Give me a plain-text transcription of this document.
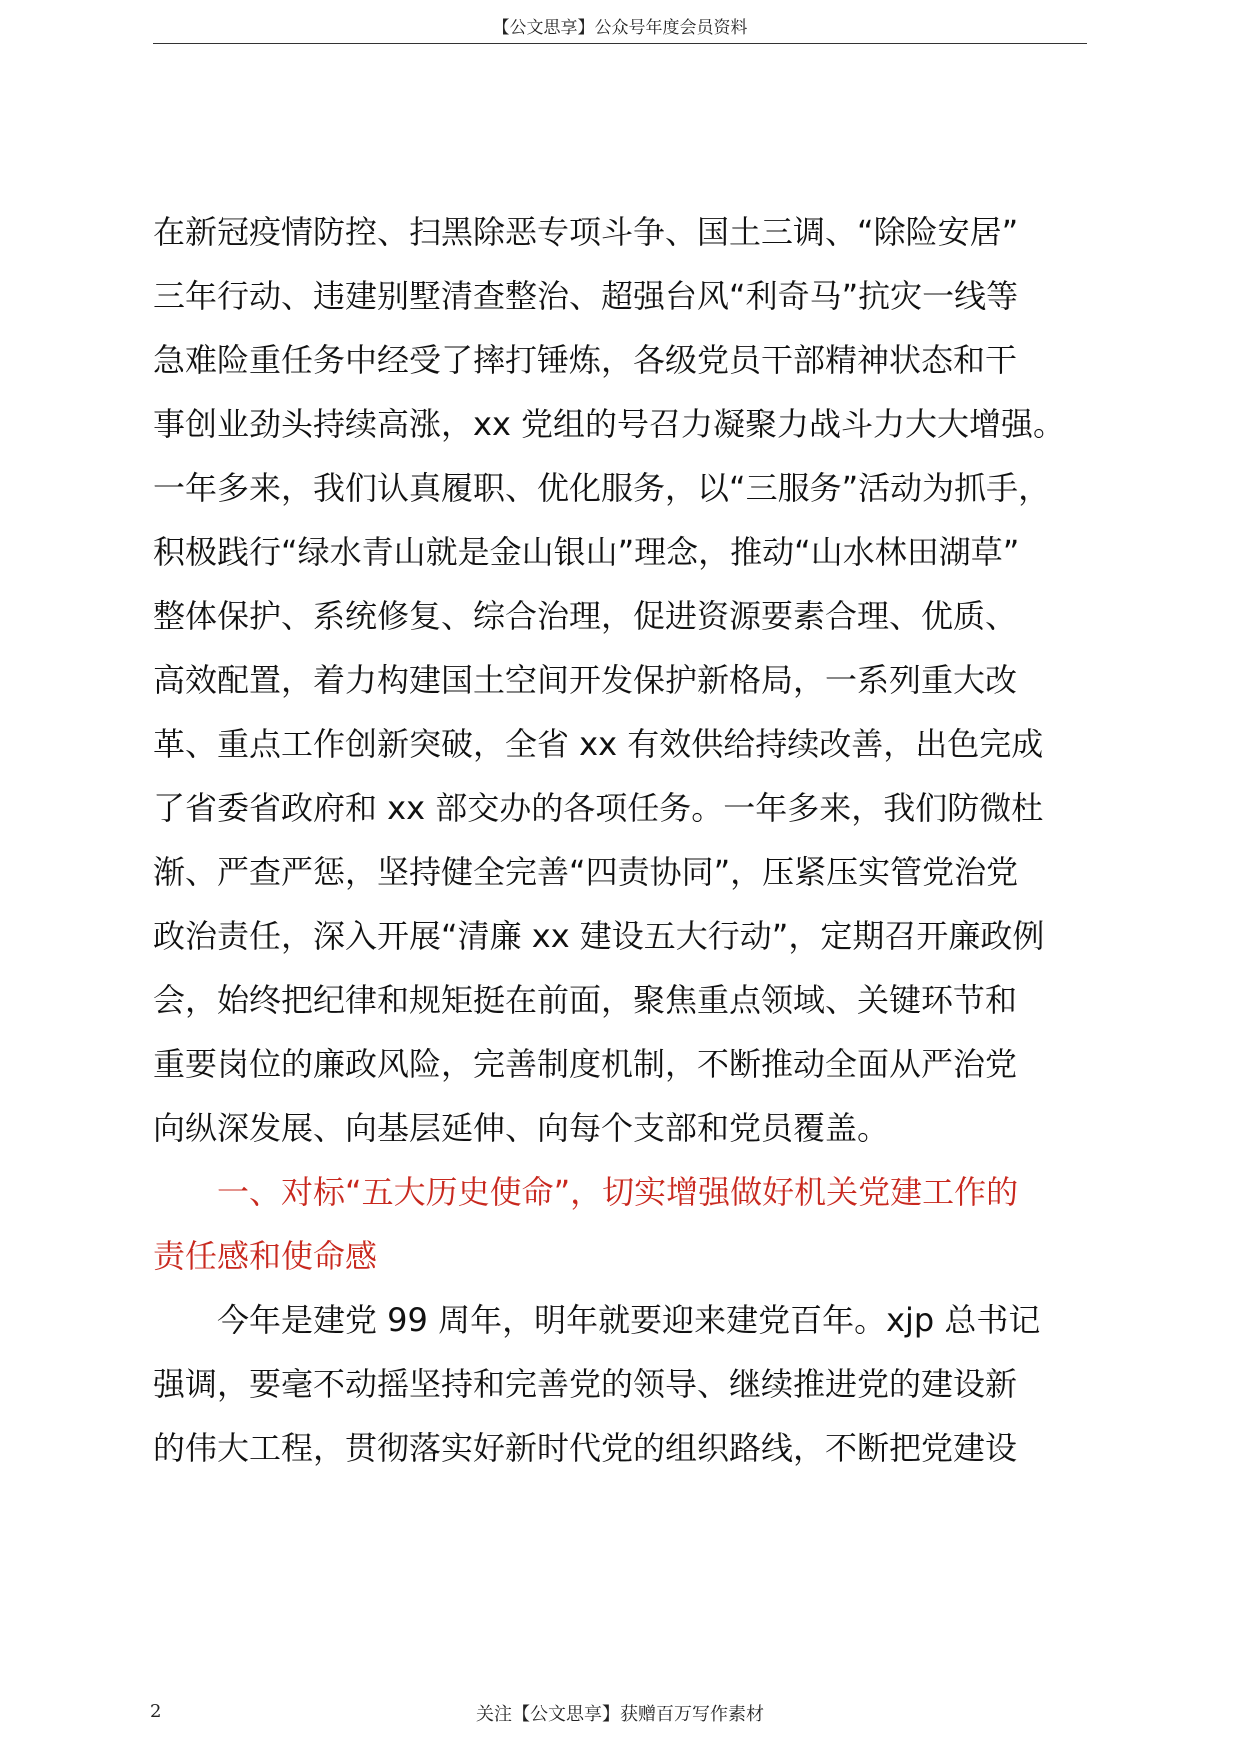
【公文思享】公众号年度会员资料
在新冠疫情防控、扫黑除恶专项斗争、国土三调、“除险安居”
三年行动、违建别墅清查整治、超强台风“利奇马”抗灾一线等
急难险重任务中经受了摔打锤炼，各级党员干部精神状态和干
事创业劲头持续高涨，xx 党组的号召力凝聚力战斗力大大增强。
一年多来，我们认真履职、优化服务，以“三服务”活动为抓手，
积极践行“绿水青山就是金山银山”理念，推动“山水林田湖草”
整体保护、系统修复、综合治理，促进资源要素合理、优质、
高效配置，着力构建国土空间开发保护新格局，一系列重大改
革、重点工作创新突破，全省 xx 有效供给持续改善，出色完成
了省委省政府和 xx 部交办的各项任务。一年多来，我们防微杜
渐、严查严惩，坚持健全完善“四责协同”，压紧压实管党治党
政治责任，深入开展“清廉 xx 建设五大行动”，定期召开廉政例
会，始终把纪律和规矩挺在前面，聚焦重点领域、关键环节和
重要岗位的廉政风险，完善制度机制，不断推动全面从严治党
向纵深发展、向基层延伸、向每个支部和党员覆盖。
一、对标“五大历史使命”，切实增强做好机关党建工作的
责任感和使命感
今年是建党 99 周年，明年就要迎来建党百年。xjp 总书记
强调，要毫不动摇坚持和完善党的领导、继续推进党的建设新
的伟大工程，贯彻落实好新时代党的组织路线，不断把党建设
2	关注【公文思享】获赠百万写作素材
